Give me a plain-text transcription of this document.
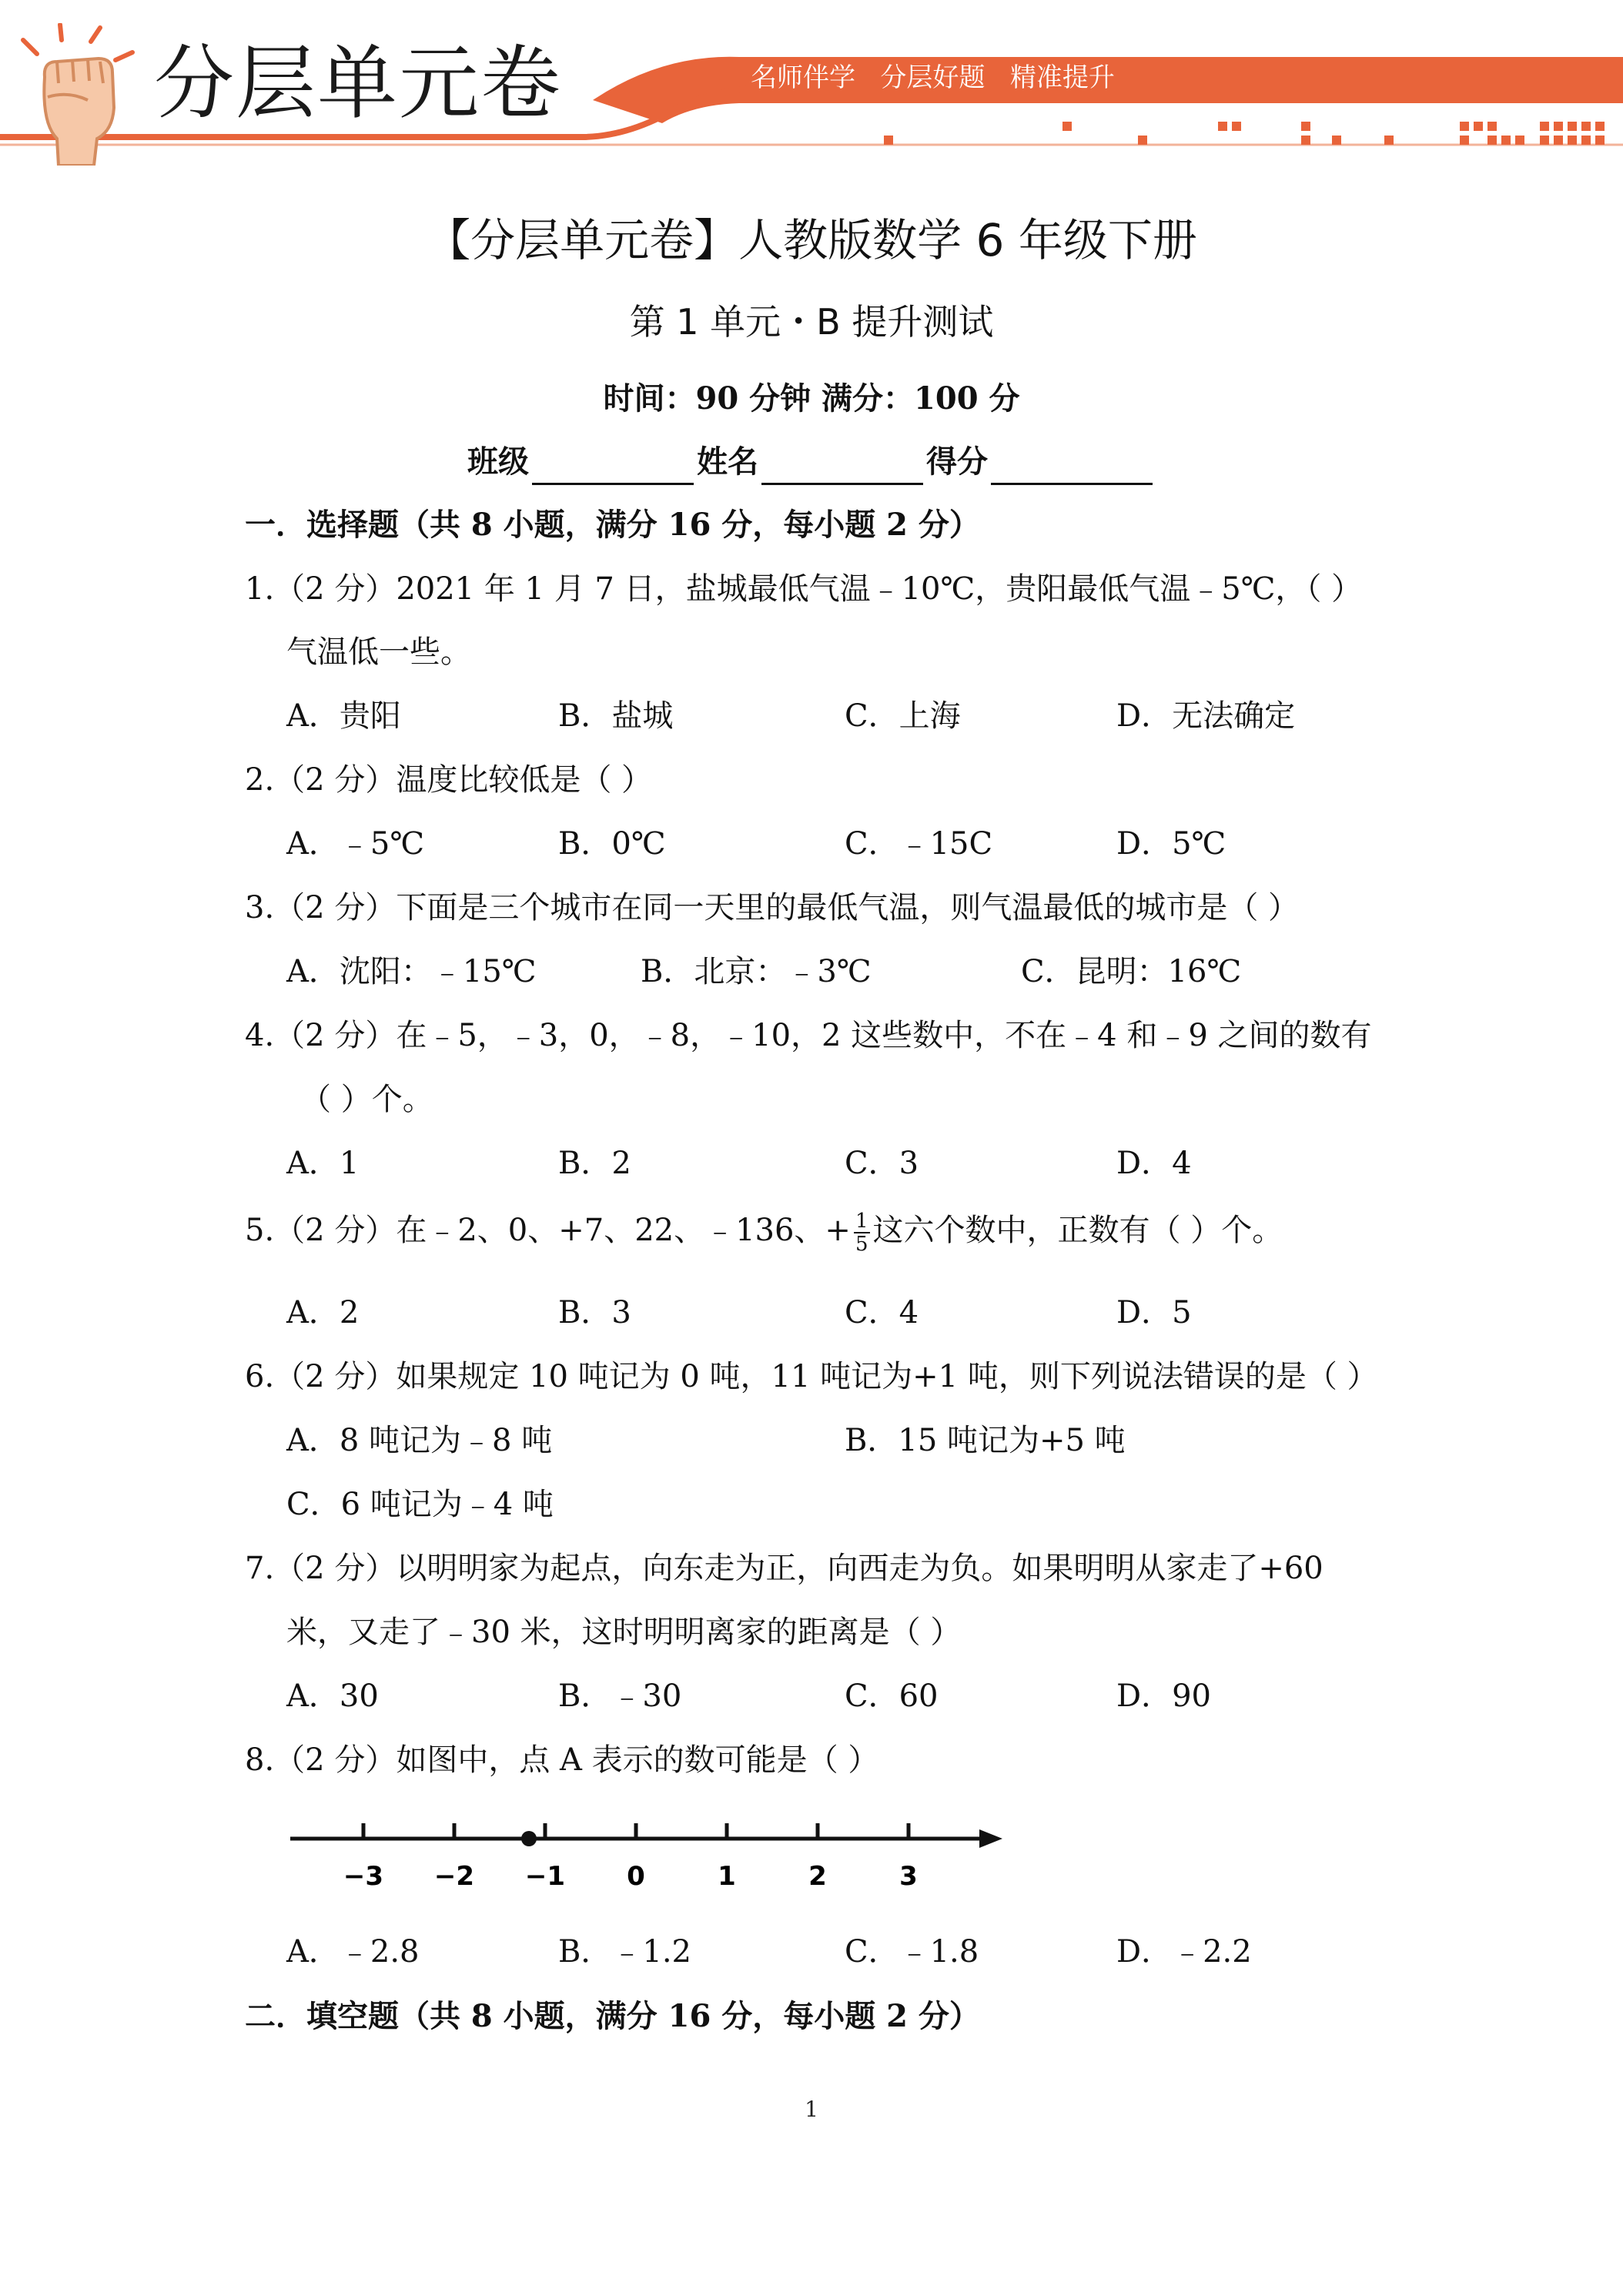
分层单元卷	名师伴学   分层好题   精准提升
【分层单元卷】人教版数学 6 年级下册
第 1 单元・B 提升测试
时间：90 分钟 满分：100 分
班级	姓名	得分
一．选择题（共 8 小题，满分 16 分，每小题 2 分）
1.（2 分）2021 年 1 月 7 日，盐城最低气温﹣10℃，贵阳最低气温﹣5℃，（ ）
气温低一些。
A．贵阳	B．盐城	C．上海	D．无法确定
2.（2 分）温度比较低是（ ）
A．﹣5℃	B．0℃	C．﹣15C	D．5℃
3.（2 分）下面是三个城市在同一天里的最低气温，则气温最低的城市是（ ）
A．沈阳：﹣15℃	B．北京：﹣3℃	C．昆明：16℃
4.（2 分）在﹣5，﹣3，0，﹣8，﹣10，2 这些数中，不在﹣4 和﹣9 之间的数有
（ ）个。
A．1	B．2	C．3	D．4
5.（2 分）在﹣2、0、+7、22、﹣136、+ $\frac{1}{5}$ 这六个数中，正数有（ ）个。
A．2	B．3	C．4	D．5
6.（2 分）如果规定 10 吨记为 0 吨，11 吨记为+1 吨，则下列说法错误的是（ ）
A．8 吨记为﹣8 吨	B．15 吨记为+5 吨
C．6 吨记为﹣4 吨
7.（2 分）以明明家为起点，向东走为正，向西走为负。如果明明从家走了+60
米，又走了﹣30 米，这时明明离家的距离是（ ）
A．30	B．﹣30	C．60	D．90
8.（2 分）如图中，点 A 表示的数可能是（ ）
−3 −2 −1 0	1	2	3
A．﹣2.8	B．﹣1.2	C．﹣1.8	D．﹣2.2
二．填空题（共 8 小题，满分 16 分，每小题 2 分）
1
